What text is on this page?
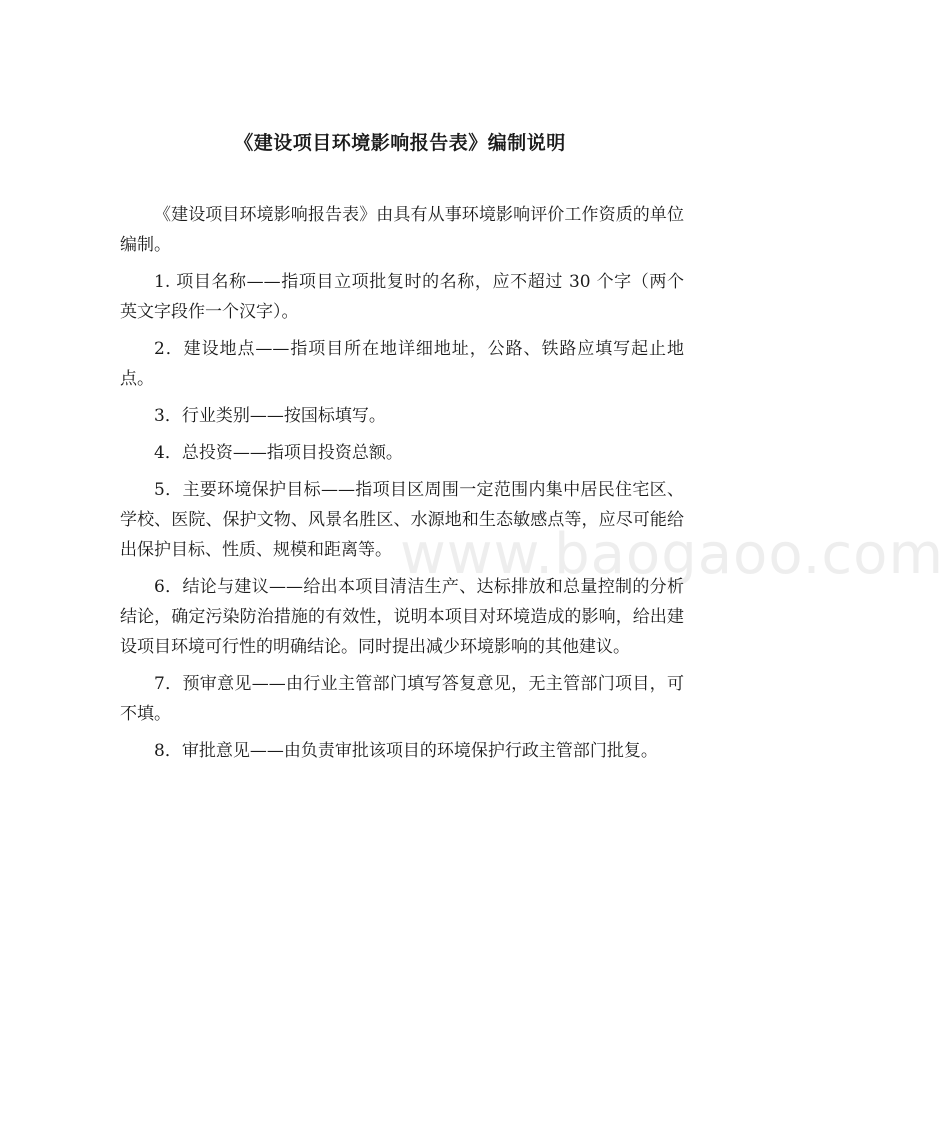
《建设项目环境影响报告表》编制说明

《建设项目环境影响报告表》由具有从事环境影响评价工作资质的单位编制。

1. 项目名称——指项目立项批复时的名称，应不超过 30 个字（两个英文字段作一个汉字）。

2．建设地点——指项目所在地详细地址，公路、铁路应填写起止地点。

3．行业类别——按国标填写。

4．总投资——指项目投资总额。

5．主要环境保护目标——指项目区周围一定范围内集中居民住宅区、学校、医院、保护文物、风景名胜区、水源地和生态敏感点等，应尽可能给出保护目标、性质、规模和距离等。

6．结论与建议——给出本项目清洁生产、达标排放和总量控制的分析结论，确定污染防治措施的有效性，说明本项目对环境造成的影响，给出建设项目环境可行性的明确结论。同时提出减少环境影响的其他建议。

7．预审意见——由行业主管部门填写答复意见，无主管部门项目，可不填。

8．审批意见——由负责审批该项目的环境保护行政主管部门批复。

www.baogaoo.com
